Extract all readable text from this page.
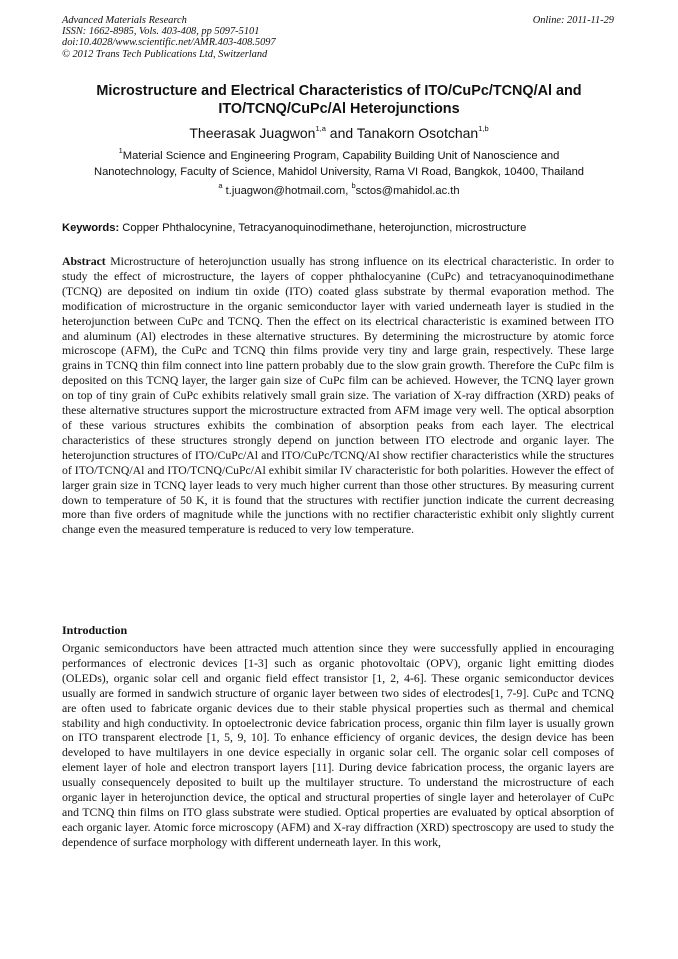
Advanced Materials Research
ISSN: 1662-8985, Vols. 403-408, pp 5097-5101
doi:10.4028/www.scientific.net/AMR.403-408.5097
© 2012 Trans Tech Publications Ltd, Switzerland
Online: 2011-11-29
Microstructure and Electrical Characteristics of ITO/CuPc/TCNQ/Al and
ITO/TCNQ/CuPc/Al Heterojunctions
Theerasak Juagwon$^{1,a}$ and Tanakorn Osotchan$^{1,b}$
$^1$Material Science and Engineering Program, Capability Building Unit of Nanoscience and
Nanotechnology, Faculty of Science, Mahidol University, Rama VI Road, Bangkok, 10400, Thailand
$^a$ t.juagwon@hotmail.com, $^b$sctos@mahidol.ac.th
Keywords: Copper Phthalocynine, Tetracyanoquinodimethane, heterojunction, microstructure
Abstract Microstructure of heterojunction usually has strong influence on its electrical characteristic. In order to study the effect of microstructure, the layers of copper phthalocyanine (CuPc) and tetracyanoquinodimethane (TCNQ) are deposited on indium tin oxide (ITO) coated glass substrate by thermal evaporation method. The modification of microstructure in the organic semiconductor layer with varied underneath layer is studied in the heterojunction between CuPc and TCNQ. Then the effect on its electrical characteristic is examined between ITO and aluminum (Al) electrodes in these alternative structures. By determining the microstructure by atomic force microscope (AFM), the CuPc and TCNQ thin films provide very tiny and large grain, respectively. These large grains in TCNQ thin film connect into line pattern probably due to the slow grain growth. Therefore the CuPc film is deposited on this TCNQ layer, the larger gain size of CuPc film can be achieved. However, the TCNQ layer grown on top of tiny grain of CuPc exhibits relatively small grain size. The variation of X-ray diffraction (XRD) peaks of these alternative structures support the microstructure extracted from AFM image very well. The optical absorption of these various structures exhibits the combination of absorption peaks from each layer. The electrical characteristics of these structures strongly depend on junction between ITO electrode and organic layer. The heterojunction structures of ITO/CuPc/Al and ITO/CuPc/TCNQ/Al show rectifier characteristics while the structures of ITO/TCNQ/Al and ITO/TCNQ/CuPc/Al exhibit similar IV characteristic for both polarities. However the effect of larger grain size in TCNQ layer leads to very much higher current than those other structures. By measuring current down to temperature of 50 K, it is found that the structures with rectifier junction indicate the current decreasing more than five orders of magnitude while the junctions with no rectifier characteristic exhibit only slightly current change even the measured temperature is reduced to very low temperature.
Introduction
Organic semiconductors have been attracted much attention since they were successfully applied in encouraging performances of electronic devices [1-3] such as organic photovoltaic (OPV), organic light emitting diodes (OLEDs), organic solar cell and organic field effect transistor [1, 2, 4-6]. These organic semiconductor devices usually are formed in sandwich structure of organic layer between two sides of electrodes[1, 7-9]. CuPc and TCNQ are often used to fabricate organic devices due to their stable physical properties such as thermal and chemical stability and high conductivity. In optoelectronic device fabrication process, organic thin film layer is usually grown on ITO transparent electrode [1, 5, 9, 10]. To enhance efficiency of organic devices, the design device has been developed to have multilayers in one device especially in organic solar cell. The organic solar cell composes of element layer of hole and electron transport layers [11]. During device fabrication process, the organic layers are usually consequencely deposited to built up the multilayer structure. To understand the microstructure of each organic layer in heterojunction device, the optical and structural properties of single layer and heterolayer of CuPc and TCNQ thin films on ITO glass substrate were studied. Optical properties are evaluated by optical absorption of each organic layer. Atomic force microscopy (AFM) and X-ray diffraction (XRD) spectroscopy are used to study the dependence of surface morphology with different underneath layer. In this work,
